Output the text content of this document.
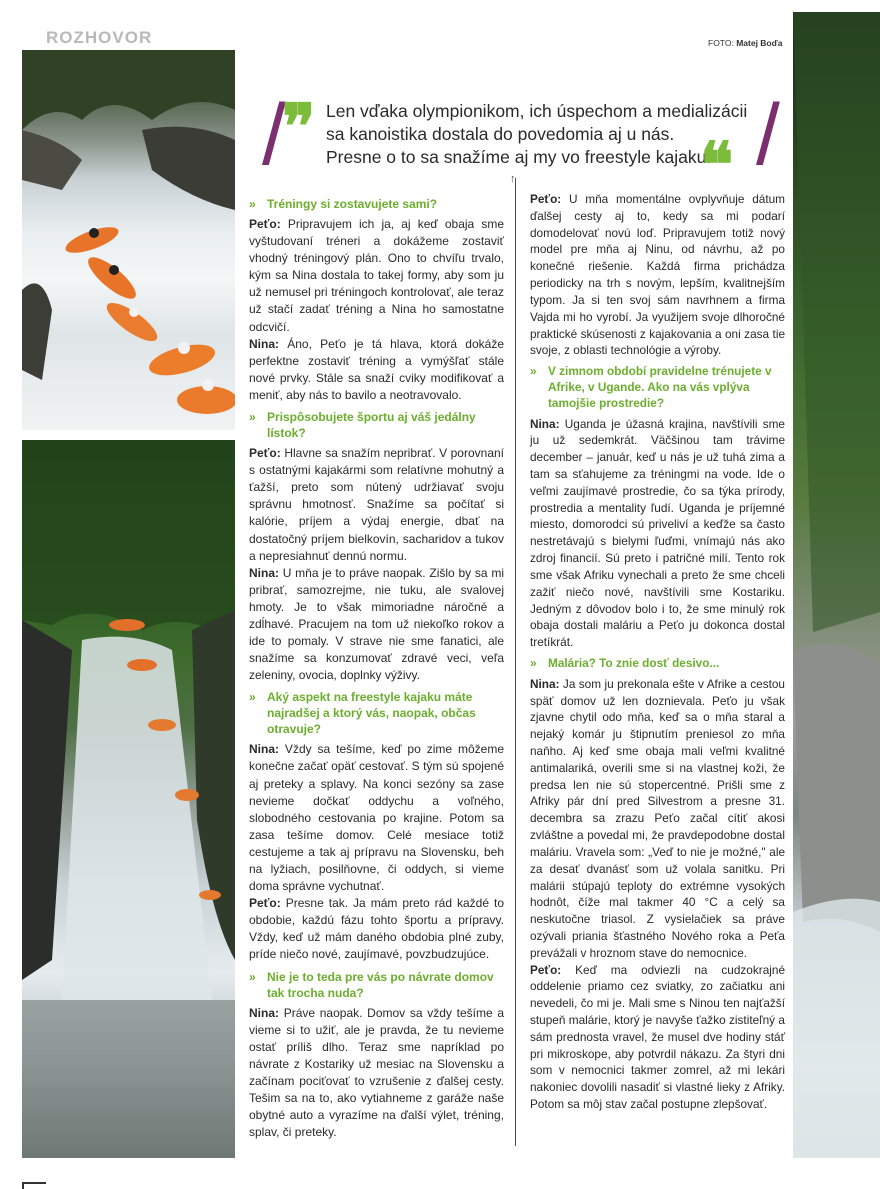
ROZHOVOR	FOTO: Matej Boďa
/	/
❞ Len vďaka olympionikom, ich úspechom a medializácii
sa kanoistika dostala do povedomia aj u nás.
Presne o to sa snažíme aj my vo freestyle kajaku.
❝
↑
» Tréningy si zostavujete sami?

Peťo: Pripravujem ich ja, aj keď obaja sme vyštudovaní tréneri a dokážeme zostaviť vhodný tréningový plán. Ono to chvíľu trvalo, kým sa Nina dostala to takej formy, aby som ju už nemusel pri tréningoch kontrolovať, ale teraz už stačí zadať tréning a Nina ho samostatne odcvičí.

Nina: Áno, Peťo je tá hlava, ktorá dokáže perfektne zostaviť tréning a vymýšľať stále nové prvky. Stále sa snaží cviky modifikovať a meniť, aby nás to bavilo a neotravovalo.

» Prispôsobujete športu aj váš jedálny lístok?

Peťo: Hlavne sa snažím nepribrať. V porovnaní s ostatnými kajakármi som relatívne mohutný a ťažší, preto som nútený udržiavať svoju správnu hmotnosť. Snažíme sa počítať si kalórie, príjem a výdaj energie, dbať na dostatočný príjem bielkovín, sacharidov a tukov a nepresiahnuť dennú normu.

Nina: U mňa je to práve naopak. Zišlo by sa mi pribrať, samozrejme, nie tuku, ale svalovej hmoty. Je to však mimoriadne náročné a zdĺhavé. Pracujem na tom už niekoľko rokov a ide to pomaly. V strave nie sme fanatici, ale snažíme sa konzumovať zdravé veci, veľa zeleniny, ovocia, doplnky výživy.

» Aký aspekt na freestyle kajaku máte najradšej a ktorý vás, naopak, občas otravuje?

Nina: Vždy sa tešíme, keď po zime môžeme konečne začať opäť cestovať. S tým sú spojené aj preteky a splavy. Na konci sezóny sa zase nevieme dočkať oddychu a voľného, slobodného cestovania po krajine. Potom sa zasa tešíme domov. Celé mesiace totiž cestujeme a tak aj prípravu na Slovensku, beh na lyžiach, posilňovne, či oddych, si vieme doma správne vychutnať.

Peťo: Presne tak. Ja mám preto rád každé to obdobie, každú fázu tohto športu a prípravy. Vždy, keď už mám daného obdobia plné zuby, príde niečo nové, zaujímavé, povzbudzujúce.

» Nie je to teda pre vás po návrate domov tak trocha nuda?

Nina: Práve naopak. Domov sa vždy tešíme a vieme si to užiť, ale je pravda, že tu nevieme ostať príliš dlho. Teraz sme napríklad po návrate z Kostariky už mesiac na Slovensku a začínam pociťovať to vzrušenie z ďalšej cesty. Tešim sa na to, ako vytiahneme z garáže naše obytné auto a vyrazíme na ďalší výlet, tréning, splav, či preteky.

Peťo: U mňa momentálne ovplyvňuje dátum ďalšej cesty aj to, kedy sa mi podarí domodelovať novú loď. Pripravujem totiž nový model pre mňa aj Ninu, od návrhu, až po konečné riešenie. Každá firma prichádza periodicky na trh s novým, lepším, kvalitnejším typom. Ja si ten svoj sám navrhnem a firma Vajda mi ho vyrobí. Ja využijem svoje dlhoročné praktické skúsenosti z kajakovania a oni zasa tie svoje, z oblasti technológie a výroby.

» V zimnom období pravidelne trénujete v Afrike, v Ugande. Ako na vás vplýva tamojšie prostredie?

Nina: Uganda je úžasná krajina, navštívili sme ju už sedemkrát. Väčšinou tam trávime december – január, keď u nás je už tuhá zima a tam sa sťahujeme za tréningmi na vode. Ide o veľmi zaujímavé prostredie, čo sa týka prírody, prostredia a mentality ľudí. Uganda je príjemné miesto, domorodci sú priveliví a keďže sa často nestretávajú s bielymi ľuďmi, vnímajú nás ako zdroj financií. Sú preto i patričné milí. Tento rok sme však Afriku vynechali a preto že sme chceli zažiť niečo nové, navštívili sme Kostariku. Jedným z dôvodov bolo i to, že sme minulý rok obaja dostali maláriu a Peťo ju dokonca dostal tretíkrát.

» Malária? To znie dosť desivo...

Nina: Ja som ju prekonala ešte v Afrike a cestou späť domov už len doznievala. Peťo ju však zjavne chytil odo mňa, keď sa o mňa staral a nejaký komár ju štipnutím preniesol zo mňa naňho. Aj keď sme obaja mali veľmi kvalitné antimalariká, overili sme si na vlastnej koži, že predsa len nie sú stopercentné. Prišli sme z Afriky pár dní pred Silvestrom a presne 31. decembra sa zrazu Peťo začal cítiť akosi zvláštne a povedal mi, že pravdepodobne dostal maláriu. Vravela som: „Veď to nie je možné," ale za desať dvanásť som už volala sanitku. Pri malárii stúpajú teploty do extrémne vysokých hodnôt, číže mal takmer 40 °C a celý sa neskutočne triasol. Z vysielačiek sa práve ozývali priania šťastného Nového roka a Peťa prevážali v hroznom stave do nemocnice.

Peťo: Keď ma odviezli na cudzokrajné oddelenie priamo cez sviatky, zo začiatku ani nevedeli, čo mi je. Mali sme s Ninou ten najťažší stupeň malárie, ktorý je navyše ťažko zistiteľný a sám prednosta vravel, že musel dve hodiny stáť pri mikroskope, aby potvrdil nákazu. Za štyri dni som v nemocnici takmer zomrel, až mi lekári nakoniec dovolili nasadiť si vlastné lieky z Afriky. Potom sa môj stav začal postupne zlepšovať.
